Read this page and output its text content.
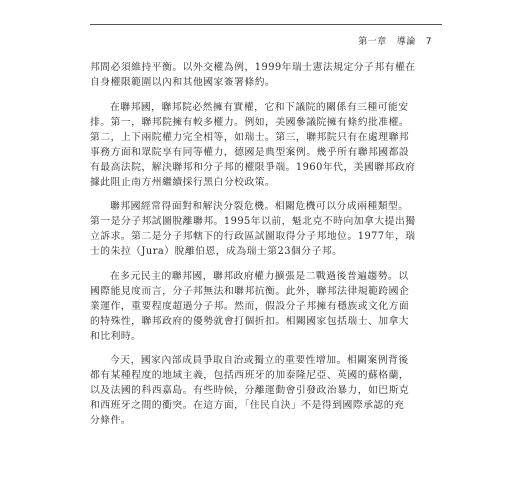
第一章 導論 7
邦間必須維持平衡。以外交權為例，1999年瑞士憲法規定分子邦有權在
自身權限範圍以內和其他國家簽署條約。
在聯邦國，聯邦院必然擁有實權，它和下議院的關係有三種可能安
排。第一，聯邦院擁有較多權力。例如，美國參議院擁有條約批准權。
第二，上下兩院權力完全相等，如瑞士。第三，聯邦院只有在處理聯邦
事務方面和眾院享有同等權力，德國是典型案例。幾乎所有聯邦國都設
有最高法院，解決聯邦和分子邦的權限爭端。1960年代，美國聯邦政府
據此阻止南方州繼續採行黑白分校政策。
聯邦國經常得面對和解決分裂危機。相關危機可以分成兩種類型。
第一是分子邦試圖脫離聯邦。1995年以前，魁北克不時向加拿大提出獨
立訴求。第二是分子邦轄下的行政區試圖取得分子邦地位。1977年，瑞
士的朱拉（Jura）脫離伯恩，成為瑞士第23個分子邦。
在多元民主的聯邦國，聯邦政府權力擴張是二戰過後普遍趨勢。以
國際能見度而言，分子邦無法和聯邦抗衡。此外，聯邦法律規範跨國企
業運作，重要程度超過分子邦。然而，假設分子邦擁有穩族或文化方面
的特殊性，聯邦政府的優勢就會打個折扣。相關國家包括瑞士、加拿大
和比利時。
今天，國家內部成員爭取自治或獨立的重要性增加。相關案例背後
都有某種程度的地域主義，包括西班牙的加泰隆尼亞、英國的蘇格蘭，
以及法國的科西嘉島。有些時候，分離運動會引發政治暴力，如巴斯克
和西班牙之間的衝突。在這方面，「住民自決」不是得到國際承認的充
分條件。
